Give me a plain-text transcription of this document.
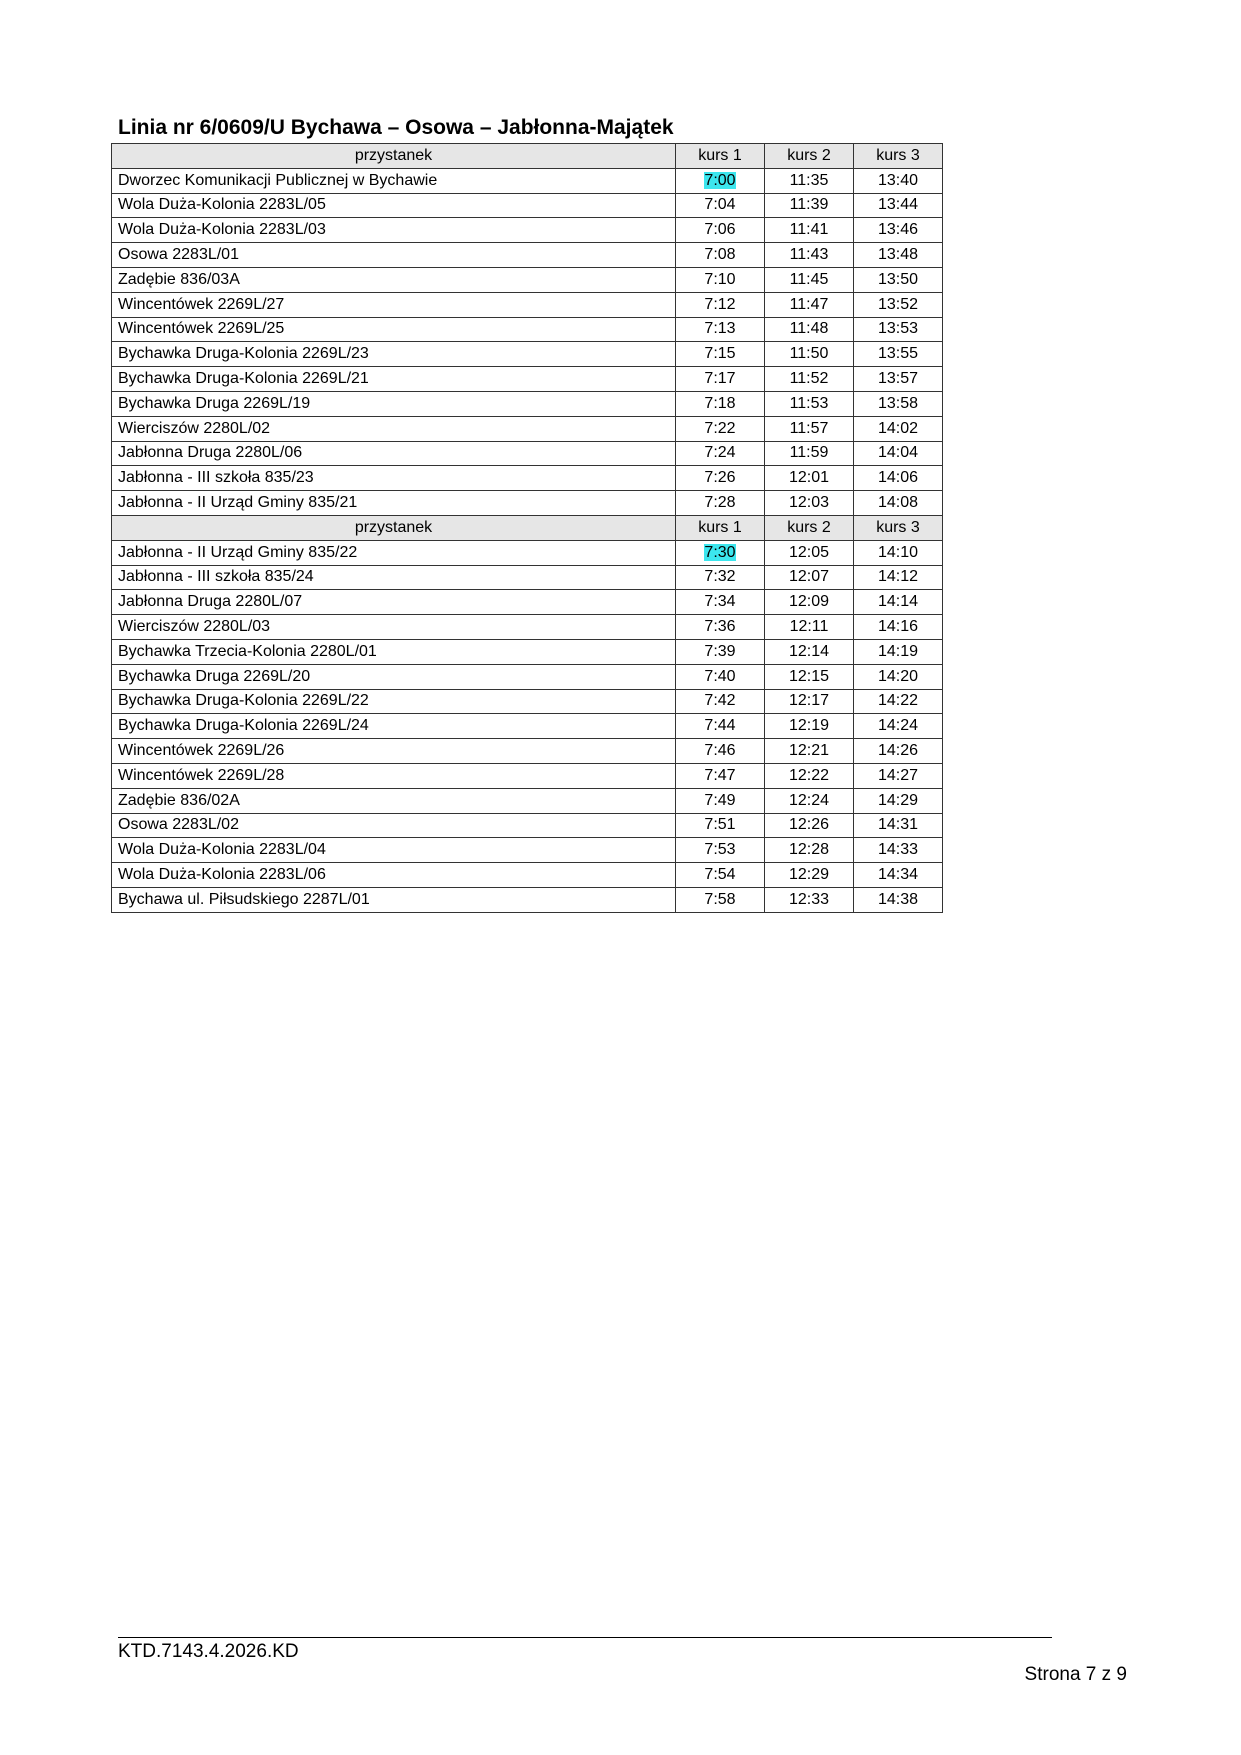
Linia nr 6/0609/U Bychawa – Osowa – Jabłonna-Majątek
przystanek	kurs 1	kurs 2	kurs 3
Dworzec Komunikacji Publicznej w Bychawie	7:00	11:35	13:40
Wola Duża-Kolonia 2283L/05	7:04	11:39	13:44
Wola Duża-Kolonia 2283L/03	7:06	11:41	13:46
Osowa 2283L/01	7:08	11:43	13:48
Zadębie 836/03A	7:10	11:45	13:50
Wincentówek 2269L/27	7:12	11:47	13:52
Wincentówek 2269L/25	7:13	11:48	13:53
Bychawka Druga-Kolonia 2269L/23	7:15	11:50	13:55
Bychawka Druga-Kolonia 2269L/21	7:17	11:52	13:57
Bychawka Druga 2269L/19	7:18	11:53	13:58
Wierciszów 2280L/02	7:22	11:57	14:02
Jabłonna Druga 2280L/06	7:24	11:59	14:04
Jabłonna - III szkoła 835/23	7:26	12:01	14:06
Jabłonna - II Urząd Gminy 835/21	7:28	12:03	14:08
przystanek	kurs 1	kurs 2	kurs 3
Jabłonna - II Urząd Gminy 835/22	7:30	12:05	14:10
Jabłonna - III szkoła 835/24	7:32	12:07	14:12
Jabłonna Druga 2280L/07	7:34	12:09	14:14
Wierciszów 2280L/03	7:36	12:11	14:16
Bychawka Trzecia-Kolonia 2280L/01	7:39	12:14	14:19
Bychawka Druga 2269L/20	7:40	12:15	14:20
Bychawka Druga-Kolonia 2269L/22	7:42	12:17	14:22
Bychawka Druga-Kolonia 2269L/24	7:44	12:19	14:24
Wincentówek 2269L/26	7:46	12:21	14:26
Wincentówek 2269L/28	7:47	12:22	14:27
Zadębie 836/02A	7:49	12:24	14:29
Osowa 2283L/02	7:51	12:26	14:31
Wola Duża-Kolonia 2283L/04	7:53	12:28	14:33
Wola Duża-Kolonia 2283L/06	7:54	12:29	14:34
Bychawa ul. Piłsudskiego 2287L/01	7:58	12:33	14:38
KTD.7143.4.2026.KD
Strona 7 z 9
